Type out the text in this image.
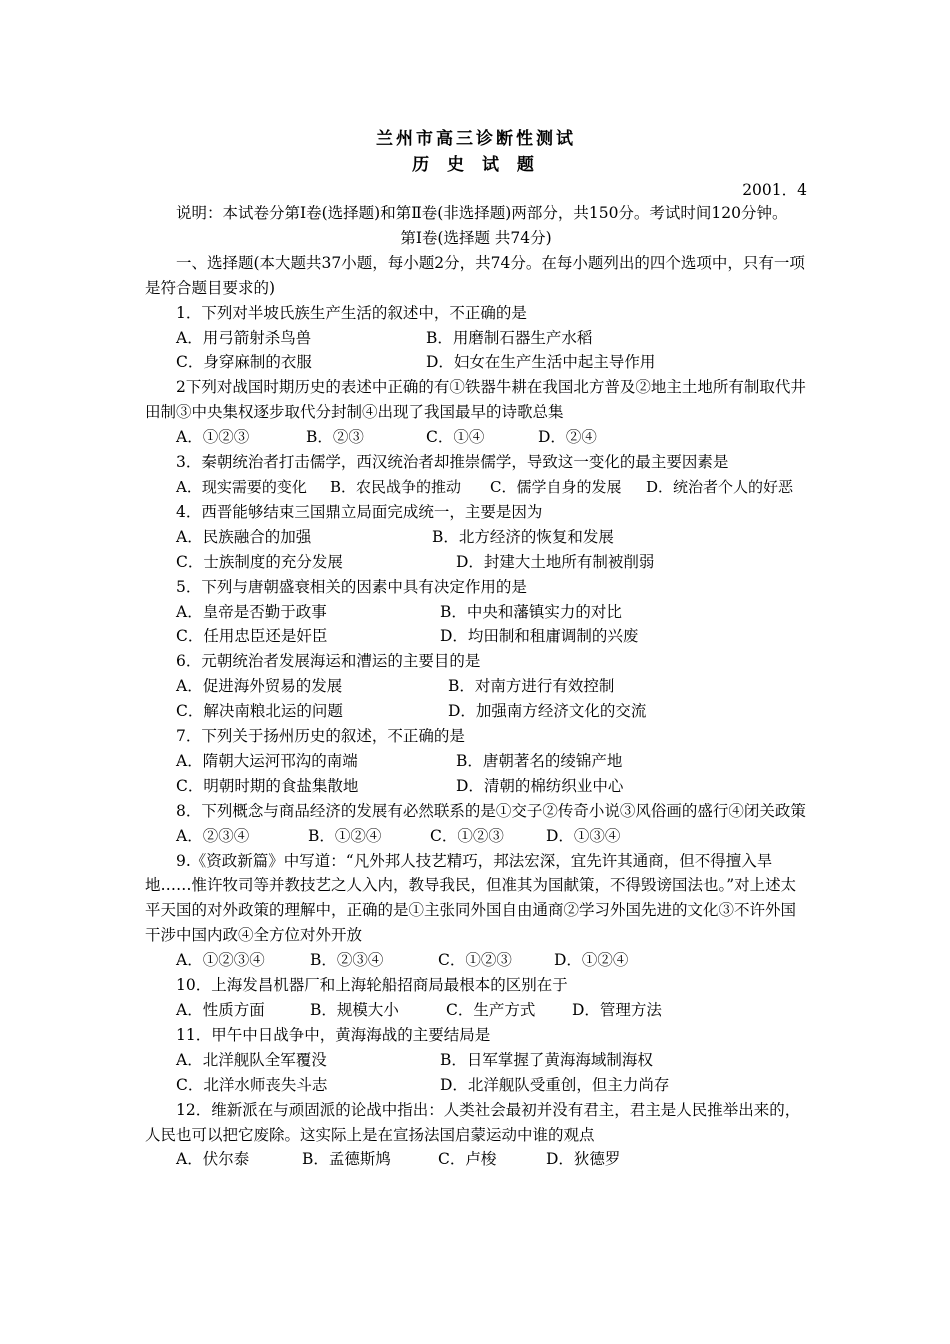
兰州市高三诊断性测试
历 史 试 题
2001．4

说明：本试卷分第Ⅰ卷(选择题)和第Ⅱ卷(非选择题)两部分，共150分。考试时间120分钟。

第Ⅰ卷(选择题 共74分)

一、选择题(本大题共37小题，每小题2分，共74分。在每小题列出的四个选项中，只有一项是符合题目要求的)

1．下列对半坡氏族生产生活的叙述中，不正确的是

A．用弓箭射杀鸟兽	B．用磨制石器生产水稻
C．身穿麻制的衣服	D．妇女在生产生活中起主导作用

2下列对战国时期历史的表述中正确的有①铁器牛耕在我国北方普及②地主土地所有制取代井田制③中央集权逐步取代分封制④出现了我国最早的诗歌总集

A．①②③	B．②③	C．①④	D．②④

3．秦朝统治者打击儒学，西汉统治者却推崇儒学，导致这一变化的最主要因素是

A．现实需要的变化	B．农民战争的推动	C．儒学自身的发展	D．统治者个人的好恶

4．西晋能够结束三国鼎立局面完成统一，主要是因为

A．民族融合的加强	B．北方经济的恢复和发展
C．士族制度的充分发展	D．封建大土地所有制被削弱

5．下列与唐朝盛衰相关的因素中具有决定作用的是

A．皇帝是否勤于政事	B．中央和藩镇实力的对比
C．任用忠臣还是奸臣	D．均田制和租庸调制的兴废

6．元朝统治者发展海运和漕运的主要目的是

A．促进海外贸易的发展	B．对南方进行有效控制
C．解决南粮北运的问题	D．加强南方经济文化的交流

7．下列关于扬州历史的叙述，不正确的是

A．隋朝大运河邗沟的南端	B．唐朝著名的绫锦产地
C．明朝时期的食盐集散地	D．清朝的棉纺织业中心

8．下列概念与商品经济的发展有必然联系的是①交子②传奇小说③风俗画的盛行④闭关政策

A．②③④	B．①②④	C．①②③	D．①③④

9.《资政新篇》中写道：“凡外邦人技艺精巧，邦法宏深，宜先许其通商，但不得擅入旱地……惟许牧司等并教技艺之人入内，教导我民，但准其为国献策，不得毁谤国法也。”对上述太平天国的对外政策的理解中，正确的是①主张同外国自由通商②学习外国先进的文化③不许外国干涉中国内政④全方位对外开放

A．①②③④	B．②③④	C．①②③	D．①②④

10．上海发昌机器厂和上海轮船招商局最根本的区别在于

A．性质方面	B．规模大小	C．生产方式	D．管理方法

11．甲午中日战争中，黄海海战的主要结局是

A．北洋舰队全军覆没	B．日军掌握了黄海海域制海权
C．北洋水师丧失斗志	D．北洋舰队受重创，但主力尚存

12．维新派在与顽固派的论战中指出：人类社会最初并没有君主，君主是人民推举出来的，人民也可以把它废除。这实际上是在宣扬法国启蒙运动中谁的观点

A．伏尔泰	B．孟德斯鸠	C．卢梭	D．狄德罗
